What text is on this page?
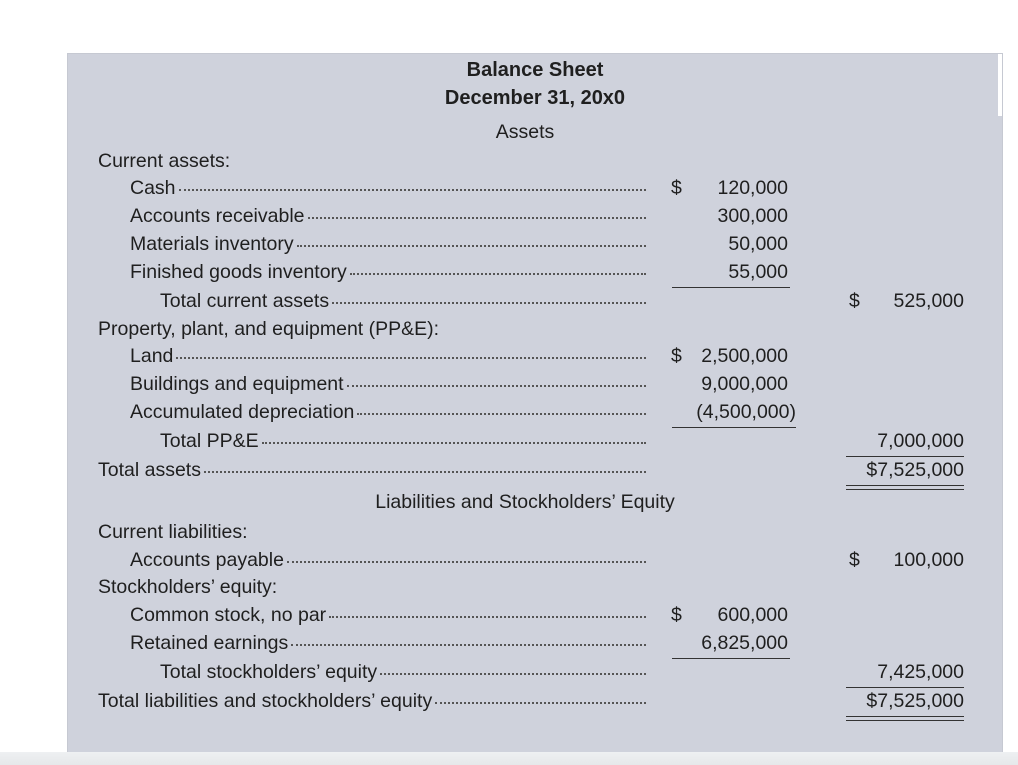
Balance Sheet
December 31, 20x0
Assets
Current assets:
Cash	$	120,000
Accounts receivable	300,000
Materials inventory	50,000
Finished goods inventory	55,000
Total current assets	$	525,000
Property, plant, and equipment (PP&E):
Land	$ 2,500,000
Buildings and equipment	9,000,000
Accumulated depreciation	(4,500,000)
Total PP&E	7,000,000
Total assets	$7,525,000
Liabilities and Stockholders’ Equity
Current liabilities:
Accounts payable	$	100,000
Stockholders’ equity:
Common stock, no par	$	600,000
Retained earnings	6,825,000
Total stockholders’ equity	7,425,000
Total liabilities and stockholders’ equity	$7,525,000
